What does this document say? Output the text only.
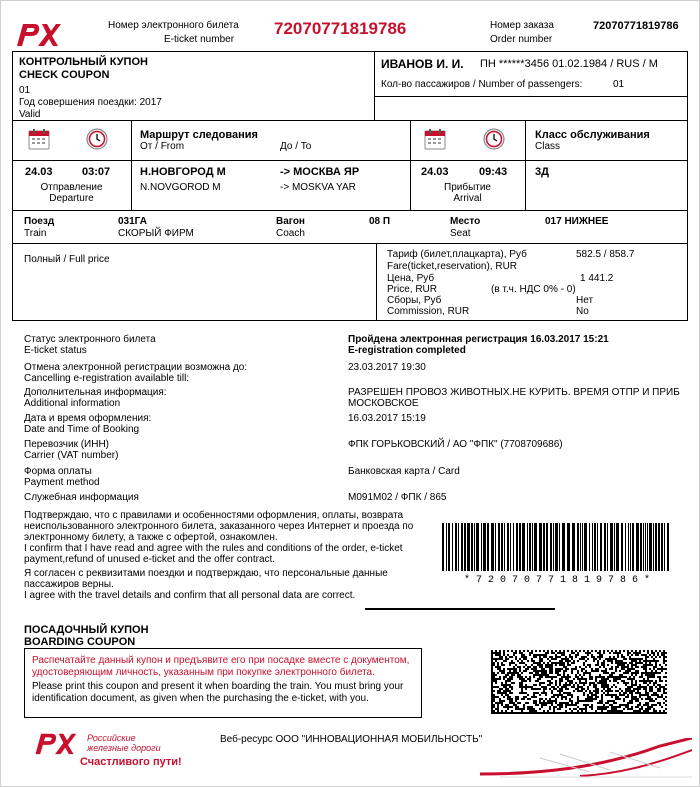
Номер электронного билета
E-ticket number
72070771819786	Номер заказа
Order number
72070771819786
КОНТРОЛЬНЫЙ КУПОН
CHECK COUPON
01
Год совершения поездки: 2017
Valid
ИВАНОВ И. И. ПН ******3456 01.02.1984 / RUS / М
Кол-во пассажиров / Number of passengers:	01
Маршрут следования
От / From	До / To
Класс обслуживания
Class
24.03	03:07
Отправление
Departure
Н.НОВГОРОД М
N.NOVGOROD M
-> МОСКВА ЯР
-> MOSKVA YAR
24.03	09:43
Прибытие
Arrival
3Д
Поезд
Train
031ГА
СКОРЫЙ ФИРМ
Вагон
Coach
08 П	Место
Seat
017 НИЖНЕЕ
Полный / Full price	Тариф (билет,плацкарта), Руб
Fare(ticket,reservation), RUR
582.5 / 858.7
Цена, Руб
Price, RUR
1 441.2
(в т.ч. НДС 0% - 0)
Сборы, Руб
Commission, RUR
Нет
No
Статус электронного билета
E-ticket status
Пройдена электронная регистрация 16.03.2017 15:21
E-registration completed
Отмена электронной регистрации возможна до:
Cancelling e-registration available till:
23.03.2017 19:30
Дополнительная информация:
Additional information
РАЗРЕШЕН ПРОВОЗ ЖИВОТНЫХ.НЕ КУРИТЬ. ВРЕМЯ ОТПР И ПРИБ
МОСКОВСКОЕ
Дата и время оформления:
Date and Time of Booking
16.03.2017 15:19
Перевозчик (ИНН)
Carrier (VAT number)
ФПК ГОРЬКОВСКИЙ / АО "ФПК" (7708709686)
Форма оплаты
Payment method
Банковская карта / Card
Служебная информация	М091М02 / ФПК / 865
Подтверждаю, что с правилами и особенностями оформления, оплаты, возврата неиспользованного электронного билета, заказанного через Интернет и проезда по электронному билету, а также с офертой, ознакомлен.
I confirm that I have read and agree with the rules and conditions of the order, e-ticket payment,refund of unused e-ticket and the offer contract.
Я согласен с реквизитами поездки и подтверждаю, что персональные данные пассажиров верны.
I agree with the travel details and confirm that all personal data are correct.
* 7 2 0 7 0 7 7 1 8 1 9 7 8 6 *
ПОСАДОЧНЫЙ КУПОН
BOARDING COUPON
Распечатайте данный купон и предъявите его при посадке вместе с документом, удостоверяющим личность, указанным при покупке электронного билета.
Please print this coupon and present it when boarding the train. You must bring your identification document, as given when the purchasing the e-ticket, with you.
Российские
железные дороги
Счастливого пути!
Веб-ресурс ООО "ИННОВАЦИОННАЯ МОБИЛЬНОСТЬ"
